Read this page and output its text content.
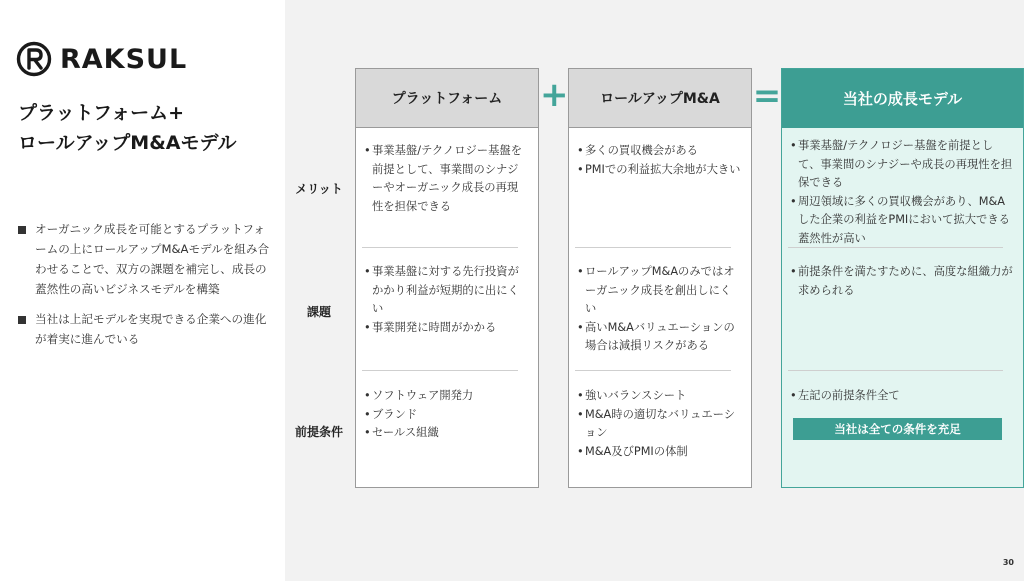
RAKSUL
プラットフォーム+
ロールアップM&Aモデル
オーガニック成長を可能とするプラットフォームの上にロールアップM&Aモデルを組み合わせることで、双方の課題を補完し、成長の蓋然性の高いビジネスモデルを構築
当社は上記モデルを実現できる企業への進化が着実に進んでいる
メリット
課題
前提条件
プラットフォーム
• 事業基盤/テクノロジー基盤を前提として、事業間のシナジーやオーガニック成長の再現性を担保できる
• 事業基盤に対する先行投資がかかり利益が短期的に出にくい
• 事業開発に時間がかかる
• ソフトウェア開発力
• ブランド
• セールス組織
+	ロールアップM&A
• 多くの買収機会がある
• PMIでの利益拡大余地が大きい
• ロールアップM&Aのみではオーガニック成長を創出しにくい
• 高いM&Aバリュエーションの場合は減損リスクがある
• 強いバランスシート
• M&A時の適切なバリュエーション
• M&A及びPMIの体制
=	当社の成長モデル
• 事業基盤/テクノロジー基盤を前提として、事業間のシナジーや成長の再現性を担保できる
• 周辺領域に多くの買収機会があり、M&Aした企業の利益をPMIにおいて拡大できる蓋然性が高い
• 前提条件を満たすために、高度な組織力が求められる
• 左記の前提条件全て
当社は全ての条件を充足
30
